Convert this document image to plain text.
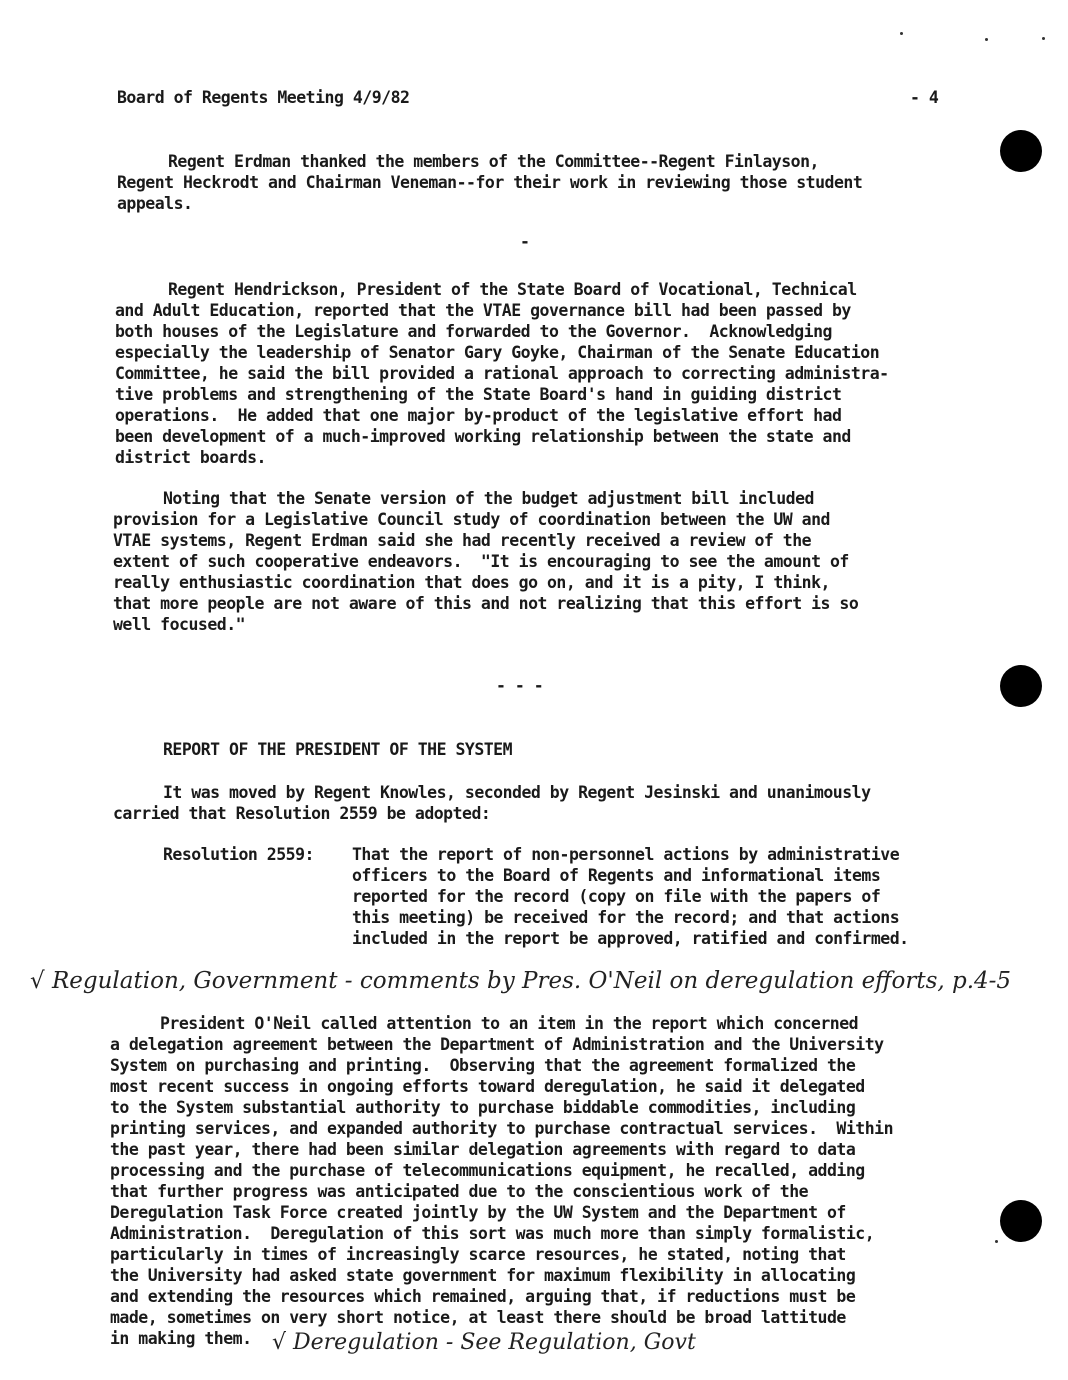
Board of Regents Meeting 4/9/82	- 4
Regent Erdman thanked the members of the Committee--Regent Finlayson,
Regent Heckrodt and Chairman Veneman--for their work in reviewing those student
appeals.
-
Regent Hendrickson, President of the State Board of Vocational, Technical
and Adult Education, reported that the VTAE governance bill had been passed by
both houses of the Legislature and forwarded to the Governor.  Acknowledging
especially the leadership of Senator Gary Goyke, Chairman of the Senate Education
Committee, he said the bill provided a rational approach to correcting administra-
tive problems and strengthening of the State Board's hand in guiding district
operations.  He added that one major by-product of the legislative effort had
been development of a much-improved working relationship between the state and
district boards.
Noting that the Senate version of the budget adjustment bill included
provision for a Legislative Council study of coordination between the UW and
VTAE systems, Regent Erdman said she had recently received a review of the
extent of such cooperative endeavors.  "It is encouraging to see the amount of
really enthusiastic coordination that does go on, and it is a pity, I think,
that more people are not aware of this and not realizing that this effort is so
well focused."
- - -
REPORT OF THE PRESIDENT OF THE SYSTEM
It was moved by Regent Knowles, seconded by Regent Jesinski and unanimously
carried that Resolution 2559 be adopted:
Resolution 2559: That the report of non-personnel actions by administrative
officers to the Board of Regents and informational items
reported for the record (copy on file with the papers of
this meeting) be received for the record; and that actions
included in the report be approved, ratified and confirmed.
√ Regulation, Government - comments by Pres. O'Neil on deregulation efforts, p.4-5
President O'Neil called attention to an item in the report which concerned
a delegation agreement between the Department of Administration and the University
System on purchasing and printing.  Observing that the agreement formalized the
most recent success in ongoing efforts toward deregulation, he said it delegated
to the System substantial authority to purchase biddable commodities, including
printing services, and expanded authority to purchase contractual services.  Within
the past year, there had been similar delegation agreements with regard to data
processing and the purchase of telecommunications equipment, he recalled, adding
that further progress was anticipated due to the conscientious work of the
Deregulation Task Force created jointly by the UW System and the Department of
Administration.  Deregulation of this sort was much more than simply formalistic,
particularly in times of increasingly scarce resources, he stated, noting that
the University had asked state government for maximum flexibility in allocating
and extending the resources which remained, arguing that, if reductions must be
made, sometimes on very short notice, at least there should be broad lattitude
in making them. √ Deregulation - See Regulation, Govt
